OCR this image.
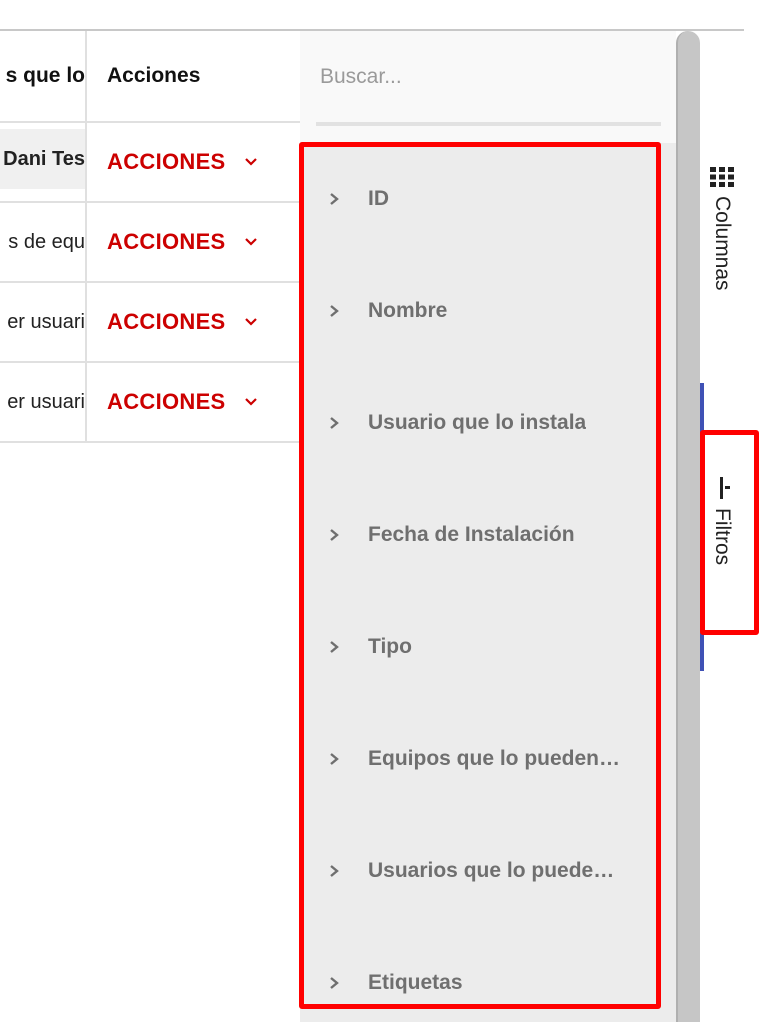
s que lo Acciones
Dani Tes ACCIONES
s de equ ACCIONES
er usuari ACCIONES
er usuari ACCIONES
Buscar...
ID
Nombre
Usuario que lo instala
Fecha de Instalación
Tipo
Equipos que lo pueden…
Usuarios que lo puede…
Etiquetas
Columnas
Filtros
